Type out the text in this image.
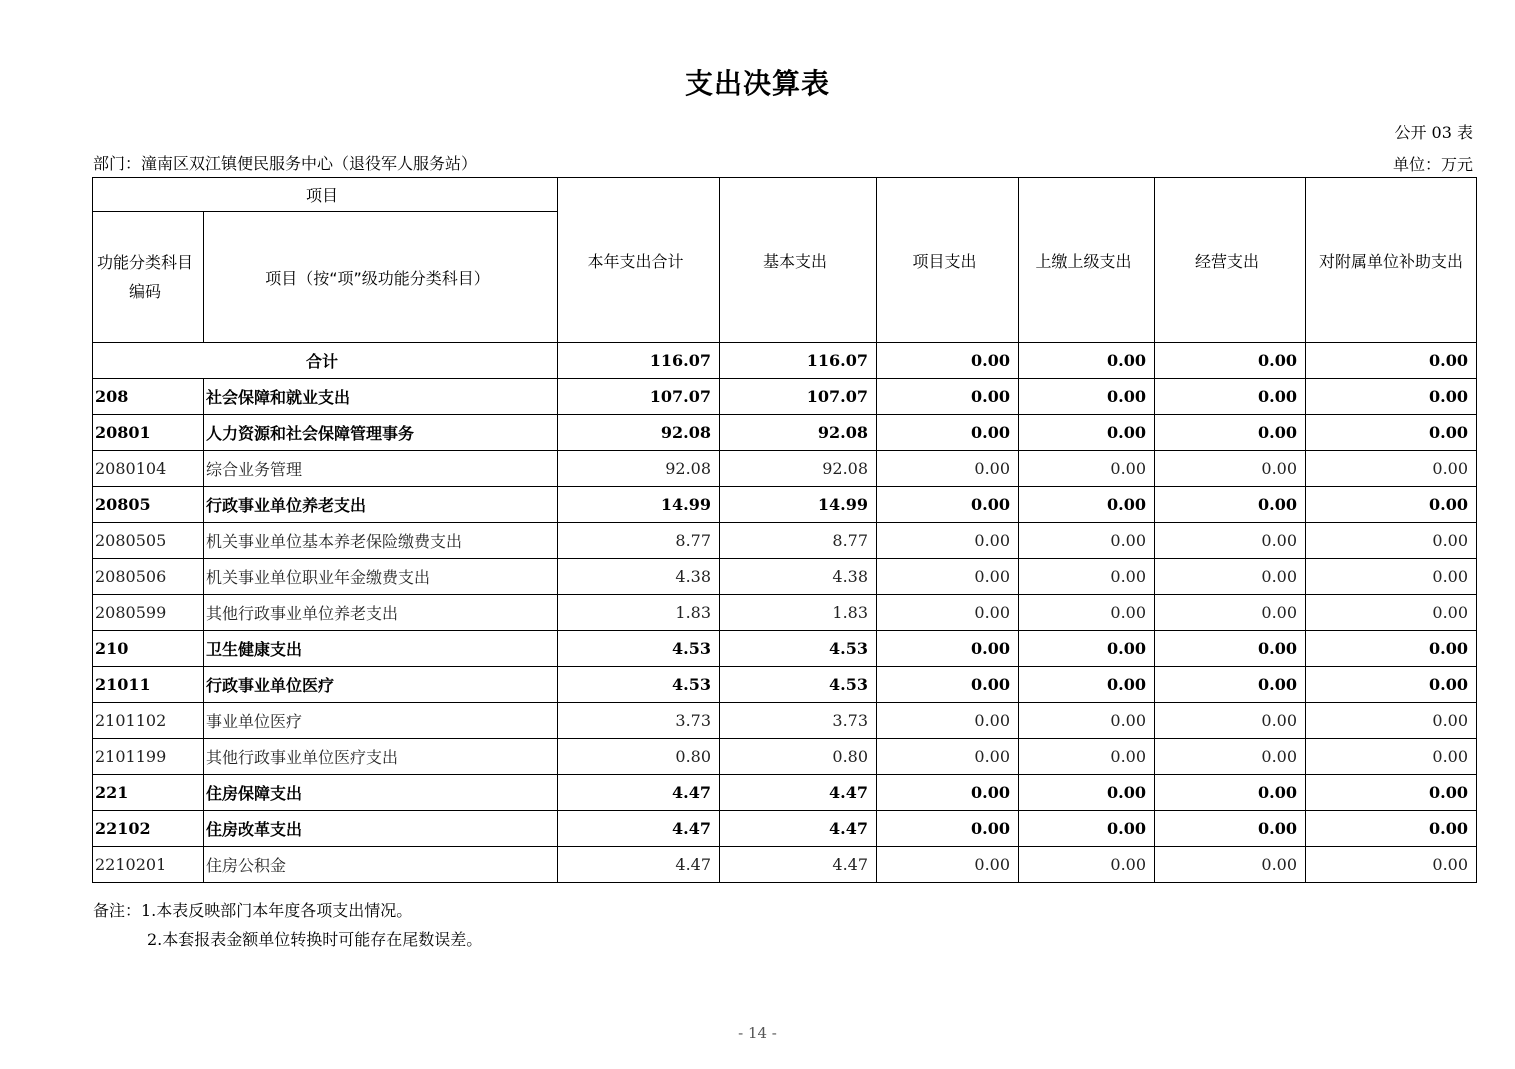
支出决算表
公开 03 表
部门：潼南区双江镇便民服务中心（退役军人服务站）	单位：万元
项目		本年支出合计	基本支出	项目支出	上缴上级支出	经营支出	对附属单位补助支出
功能分类科目编码	项目（按“项”级功能分类科目）						
合计		116.07	116.07	0.00	0.00	0.00	0.00
208	社会保障和就业支出	107.07	107.07	0.00	0.00	0.00	0.00
20801	人力资源和社会保障管理事务	92.08	92.08	0.00	0.00	0.00	0.00
2080104	综合业务管理	92.08	92.08	0.00	0.00	0.00	0.00
20805	行政事业单位养老支出	14.99	14.99	0.00	0.00	0.00	0.00
2080505	机关事业单位基本养老保险缴费支出	8.77	8.77	0.00	0.00	0.00	0.00
2080506	机关事业单位职业年金缴费支出	4.38	4.38	0.00	0.00	0.00	0.00
2080599	其他行政事业单位养老支出	1.83	1.83	0.00	0.00	0.00	0.00
210	卫生健康支出	4.53	4.53	0.00	0.00	0.00	0.00
21011	行政事业单位医疗	4.53	4.53	0.00	0.00	0.00	0.00
2101102	事业单位医疗	3.73	3.73	0.00	0.00	0.00	0.00
2101199	其他行政事业单位医疗支出	0.80	0.80	0.00	0.00	0.00	0.00
221	住房保障支出	4.47	4.47	0.00	0.00	0.00	0.00
22102	住房改革支出	4.47	4.47	0.00	0.00	0.00	0.00
2210201	住房公积金	4.47	4.47	0.00	0.00	0.00	0.00
备注：1.本表反映部门本年度各项支出情况。
2.本套报表金额单位转换时可能存在尾数误差。
- 14 -
